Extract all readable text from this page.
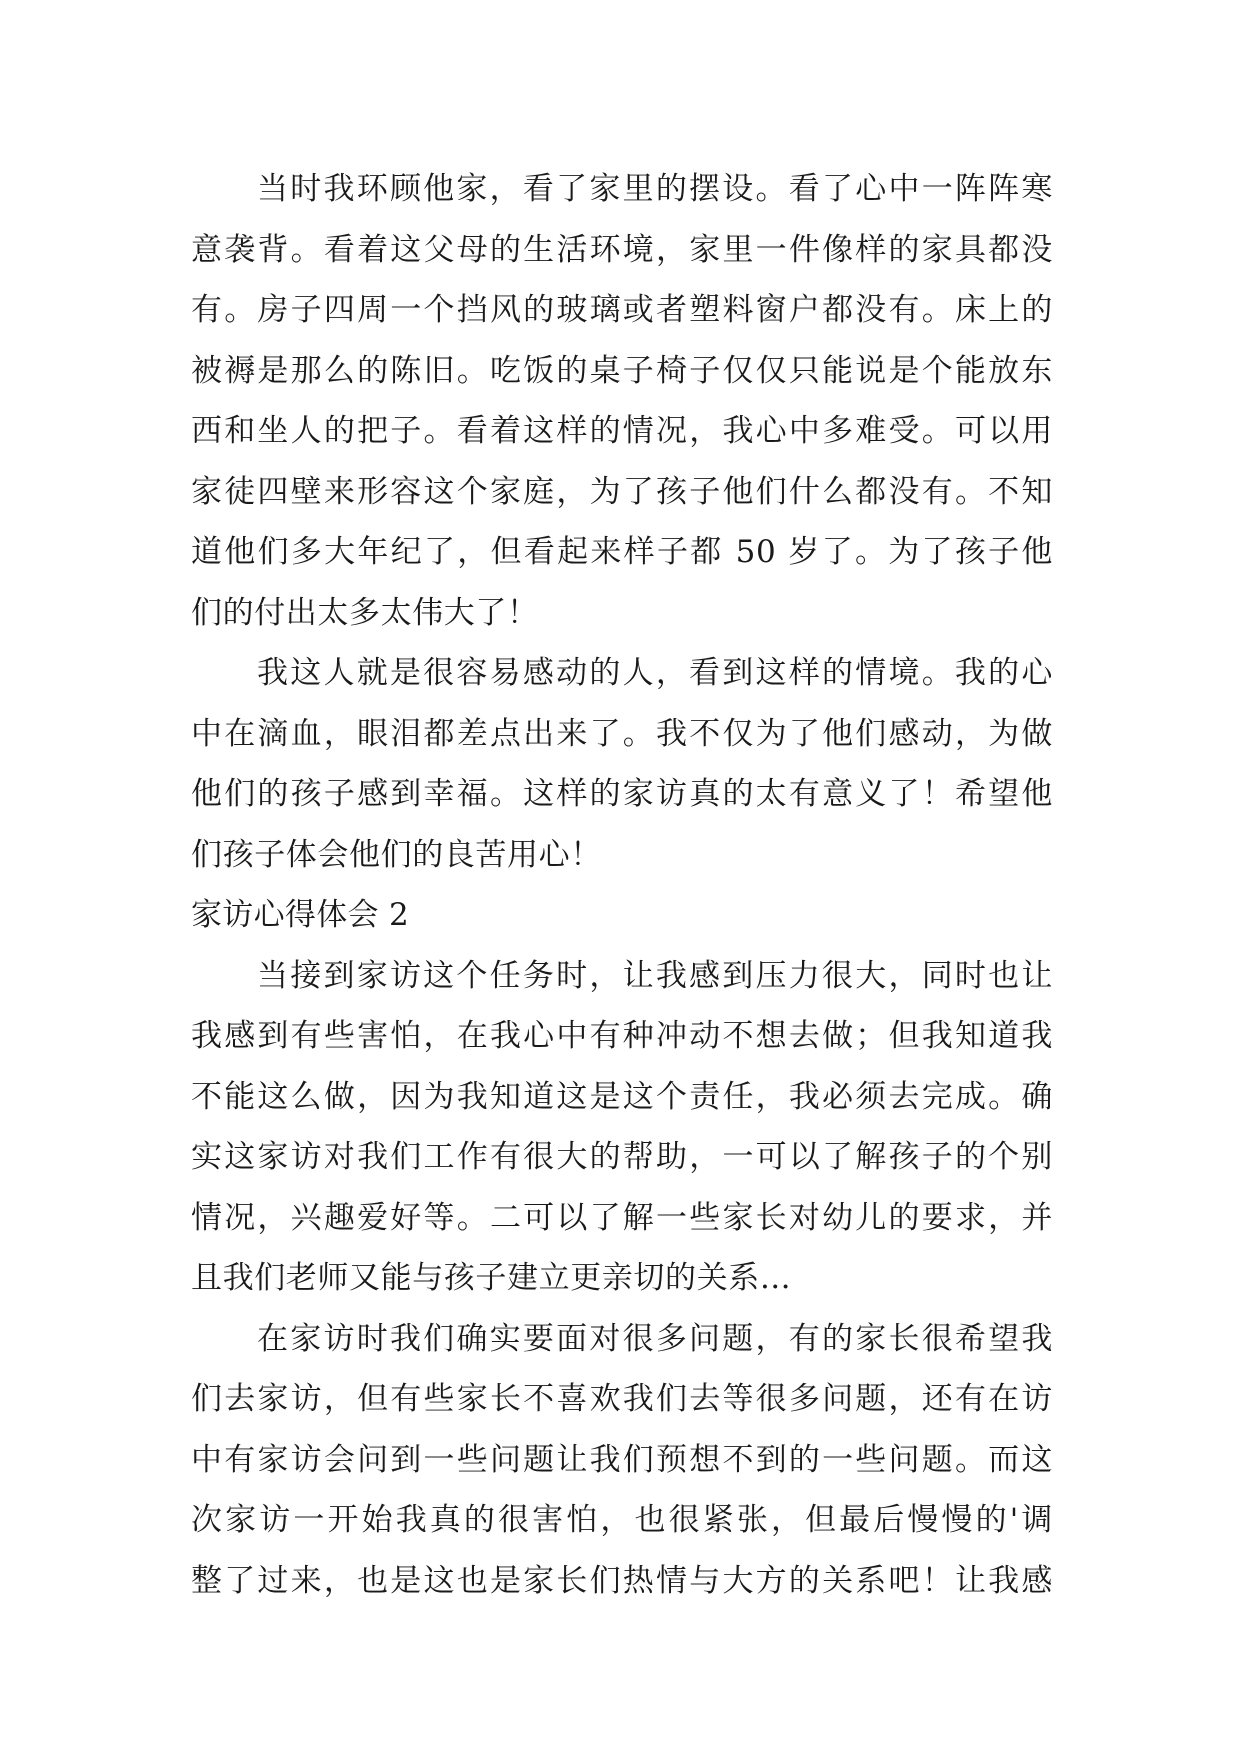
当时我环顾他家，看了家里的摆设。看了心中一阵阵寒
意袭背。看着这父母的生活环境，家里一件像样的家具都没
有。房子四周一个挡风的玻璃或者塑料窗户都没有。床上的
被褥是那么的陈旧。吃饭的桌子椅子仅仅只能说是个能放东
西和坐人的把子。看着这样的情况，我心中多难受。可以用
家徒四壁来形容这个家庭，为了孩子他们什么都没有。不知
道他们多大年纪了，但看起来样子都 50 岁了。为了孩子他
们的付出太多太伟大了！
我这人就是很容易感动的人，看到这样的情境。我的心
中在滴血，眼泪都差点出来了。我不仅为了他们感动，为做
他们的孩子感到幸福。这样的家访真的太有意义了！希望他
们孩子体会他们的良苦用心！
家访心得体会 2
当接到家访这个任务时，让我感到压力很大，同时也让
我感到有些害怕，在我心中有种冲动不想去做；但我知道我
不能这么做，因为我知道这是这个责任，我必须去完成。确
实这家访对我们工作有很大的帮助，一可以了解孩子的个别
情况，兴趣爱好等。二可以了解一些家长对幼儿的要求，并
且我们老师又能与孩子建立更亲切的关系…
在家访时我们确实要面对很多问题，有的家长很希望我
们去家访，但有些家长不喜欢我们去等很多问题，还有在访
中有家访会问到一些问题让我们预想不到的一些问题。而这
次家访一开始我真的很害怕，也很紧张，但最后慢慢的'调
整了过来，也是这也是家长们热情与大方的关系吧！让我感
